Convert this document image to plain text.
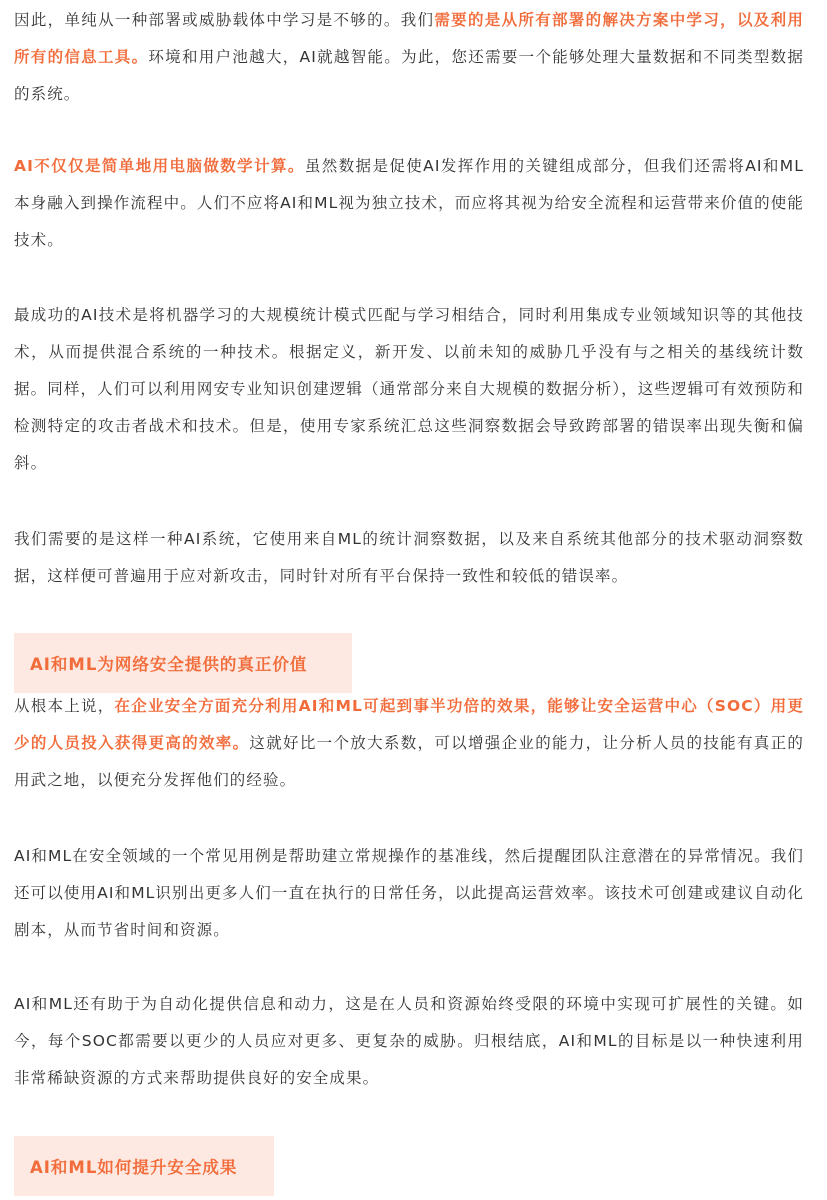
因此，单纯从一种部署或威胁载体中学习是不够的。我们需要的是从所有部署的解决方案中学习，以及利用所有的信息工具。环境和用户池越大，AI就越智能。为此，您还需要一个能够处理大量数据和不同类型数据的系统。

AI不仅仅是简单地用电脑做数学计算。虽然数据是促使AI发挥作用的关键组成部分，但我们还需将AI和ML本身融入到操作流程中。人们不应将AI和ML视为独立技术，而应将其视为给安全流程和运营带来价值的使能技术。

最成功的AI技术是将机器学习的大规模统计模式匹配与学习相结合，同时利用集成专业领域知识等的其他技术，从而提供混合系统的一种技术。根据定义，新开发、以前未知的威胁几乎没有与之相关的基线统计数据。同样，人们可以利用网安专业知识创建逻辑（通常部分来自大规模的数据分析），这些逻辑可有效预防和检测特定的攻击者战术和技术。但是，使用专家系统汇总这些洞察数据会导致跨部署的错误率出现失衡和偏斜。

我们需要的是这样一种AI系统，它使用来自ML的统计洞察数据，以及来自系统其他部分的技术驱动洞察数据，这样便可普遍用于应对新攻击，同时针对所有平台保持一致性和较低的错误率。

AI和ML为网络安全提供的真正价值

从根本上说，在企业安全方面充分利用AI和ML可起到事半功倍的效果，能够让安全运营中心（SOC）用更少的人员投入获得更高的效率。这就好比一个放大系数，可以增强企业的能力，让分析人员的技能有真正的用武之地，以便充分发挥他们的经验。

AI和ML在安全领域的一个常见用例是帮助建立常规操作的基准线，然后提醒团队注意潜在的异常情况。我们还可以使用AI和ML识别出更多人们一直在执行的日常任务，以此提高运营效率。该技术可创建或建议自动化剧本，从而节省时间和资源。

AI和ML还有助于为自动化提供信息和动力，这是在人员和资源始终受限的环境中实现可扩展性的关键。如今，每个SOC都需要以更少的人员应对更多、更复杂的威胁。归根结底，AI和ML的目标是以一种快速利用非常稀缺资源的方式来帮助提供良好的安全成果。

AI和ML如何提升安全成果
